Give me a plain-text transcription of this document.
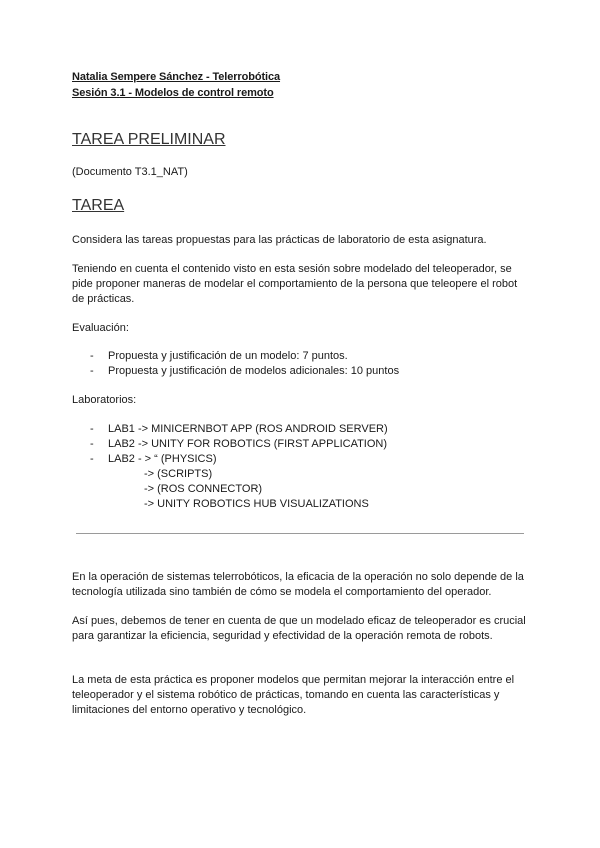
Natalia Sempere Sánchez - Telerrobótica
Sesión 3.1 - Modelos de control remoto
TAREA PRELIMINAR
(Documento T3.1_NAT)
TAREA
Considera las tareas propuestas para las prácticas de laboratorio de esta asignatura.
Teniendo en cuenta el contenido visto en esta sesión sobre modelado del teleoperador, se pide proponer maneras de modelar el comportamiento de la persona que teleopere el robot de prácticas.
Evaluación:
- Propuesta y justificación de un modelo: 7 puntos.
- Propuesta y justificación de modelos adicionales: 10 puntos
Laboratorios:
- LAB1 -> MINICERNBOT APP (ROS ANDROID SERVER)
- LAB2 -> UNITY FOR ROBOTICS (FIRST APPLICATION)
- LAB2 - > “ (PHYSICS)
-> (SCRIPTS)
-> (ROS CONNECTOR)
-> UNITY ROBOTICS HUB VISUALIZATIONS
En la operación de sistemas telerrobóticos, la eficacia de la operación no solo depende de la tecnología utilizada sino también de cómo se modela el comportamiento del operador.
Así pues, debemos de tener en cuenta de que un modelado eficaz de teleoperador es crucial para garantizar la eficiencia, seguridad y efectividad de la operación remota de robots.
La meta de esta práctica es proponer modelos que permitan mejorar la interacción entre el teleoperador y el sistema robótico de prácticas, tomando en cuenta las características y limitaciones del entorno operativo y tecnológico.
